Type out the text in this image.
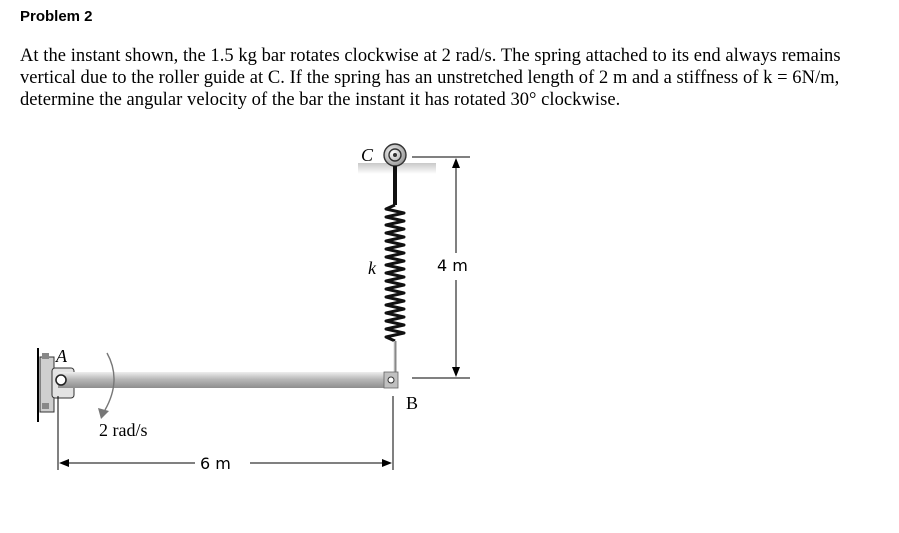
Problem 2
At the instant shown, the 1.5 kg bar rotates clockwise at 2 rad/s. The spring attached to its end always remains
vertical due to the roller guide at C. If the spring has an unstretched length of 2 m and a stiffness of k = 6N/m,
determine the angular velocity of the bar the instant it has rotated 30° clockwise.
C
k	4 m
A
B
2 rad/s
6 m
